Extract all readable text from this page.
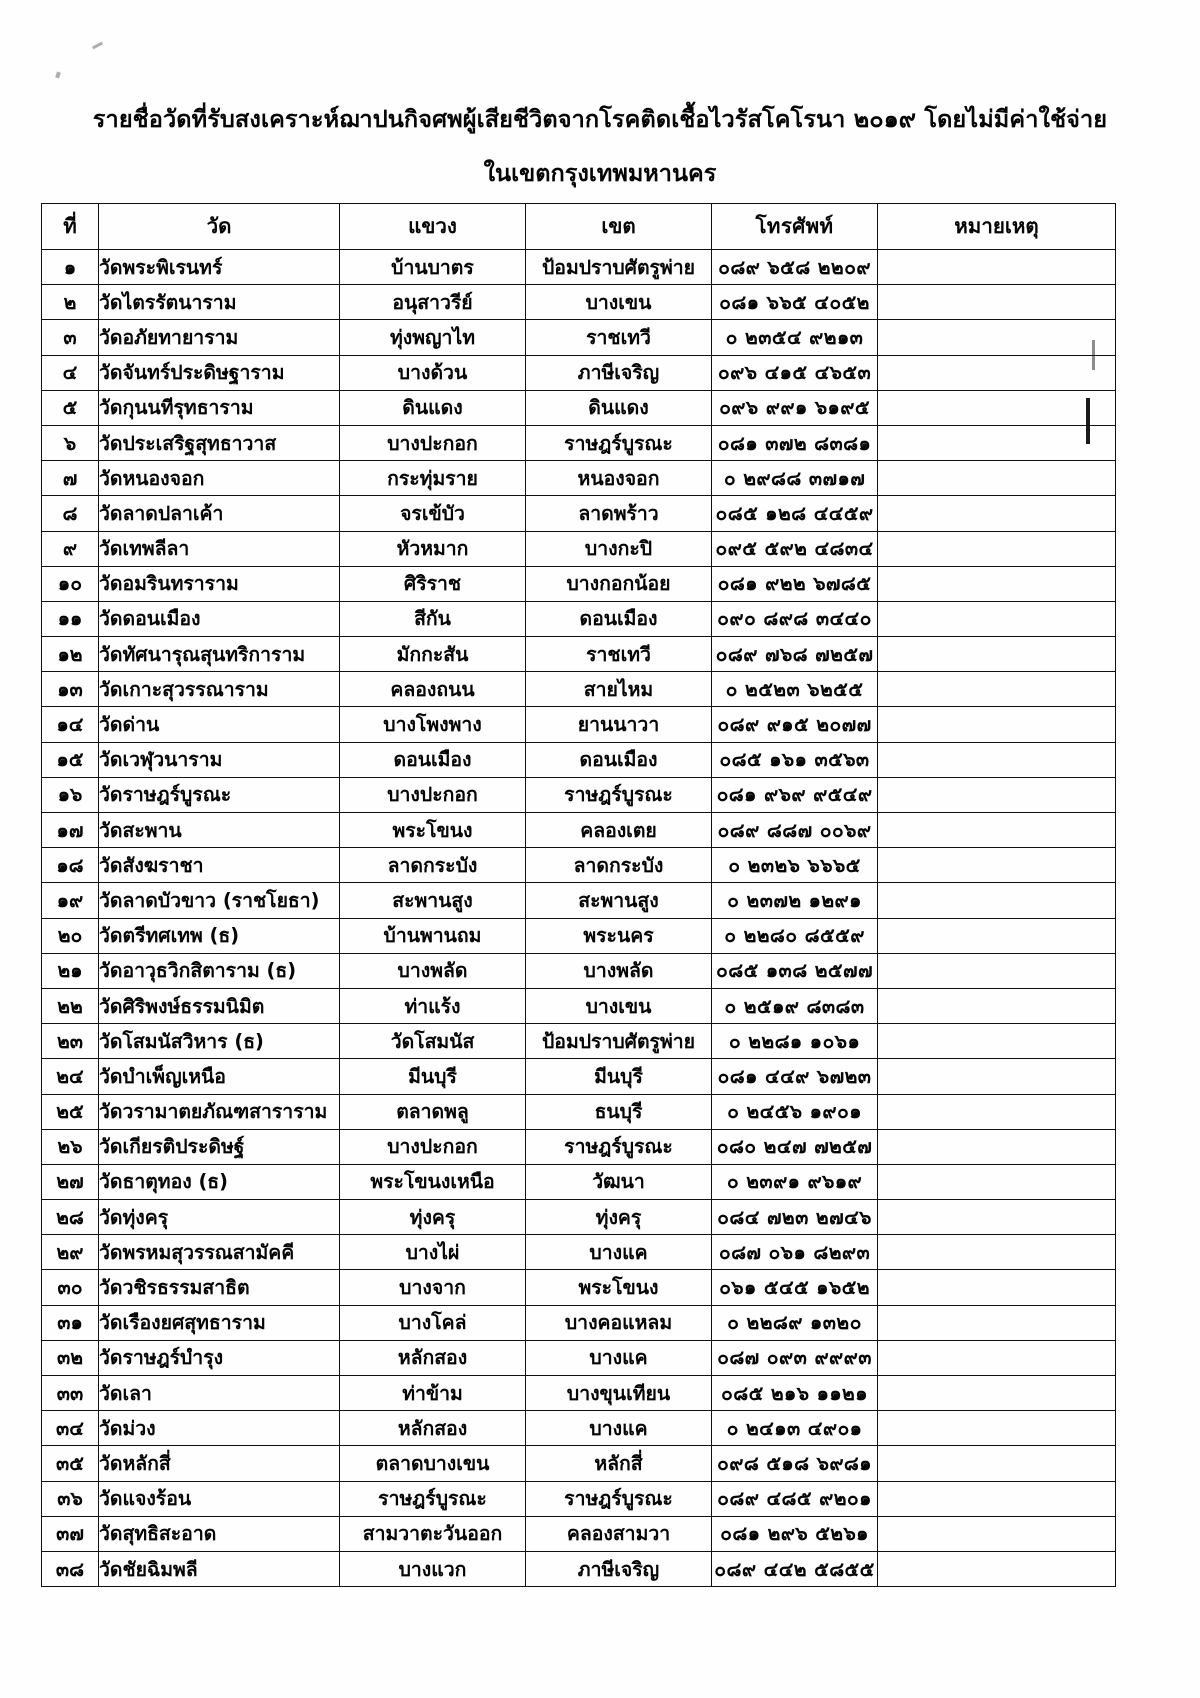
รายชื่อวัดที่รับสงเคราะห์ฌาปนกิจศพผู้เสียชีวิตจากโรคติดเชื้อไวรัสโคโรนา ๒๐๑๙ โดยไม่มีค่าใช้จ่าย
ในเขตกรุงเทพมหานคร
ที่	วัด	แขวง	เขต	โทรศัพท์	หมายเหตุ
๑	วัดพระพิเรนทร์	บ้านบาตร	ป้อมปราบศัตรูพ่าย	๐๘๙ ๖๕๘ ๒๒๐๙	
๒	วัดไตรรัตนาราม	อนุสาวรีย์	บางเขน	๐๘๑ ๖๖๕ ๔๐๕๒	
๓	วัดอภัยทายาราม	ทุ่งพญาไท	ราชเทวี	๐ ๒๓๕๔ ๙๒๑๓	
๔	วัดจันทร์ประดิษฐาราม	บางด้วน	ภาษีเจริญ	๐๙๖ ๔๑๕ ๔๖๕๓	
๕	วัดกุนนทีรุทธาราม	ดินแดง	ดินแดง	๐๙๖ ๙๙๑ ๖๑๙๕	
๖	วัดประเสริฐสุทธาวาส	บางปะกอก	ราษฎร์บูรณะ	๐๘๑ ๓๗๒ ๘๓๘๑	
๗	วัดหนองจอก	กระทุ่มราย	หนองจอก	๐ ๒๙๘๘ ๓๗๑๗	
๘	วัดลาดปลาเค้า	จรเข้บัว	ลาดพร้าว	๐๘๕ ๑๒๘ ๔๔๕๙	
๙	วัดเทพลีลา	หัวหมาก	บางกะปิ	๐๙๕ ๕๙๒ ๔๘๓๔	
๑๐	วัดอมรินทราราม	ศิริราช	บางกอกน้อย	๐๘๑ ๙๒๒ ๖๗๘๕	
๑๑	วัดดอนเมือง	สีกัน	ดอนเมือง	๐๙๐ ๘๙๘ ๓๔๔๐	
๑๒	วัดทัศนารุณสุนทริการาม	มักกะสัน	ราชเทวี	๐๘๙ ๗๖๘ ๗๒๕๗	
๑๓	วัดเกาะสุวรรณาราม	คลองถนน	สายไหม	๐ ๒๕๒๓ ๖๒๕๕	
๑๔	วัดด่าน	บางโพงพาง	ยานนาวา	๐๘๙ ๙๑๕ ๒๐๗๗	
๑๕	วัดเวฬุวนาราม	ดอนเมือง	ดอนเมือง	๐๘๕ ๑๖๑ ๓๕๖๓	
๑๖	วัดราษฎร์บูรณะ	บางปะกอก	ราษฎร์บูรณะ	๐๘๑ ๙๖๙ ๙๕๔๙	
๑๗	วัดสะพาน	พระโขนง	คลองเตย	๐๘๙ ๘๘๗ ๐๐๖๙	
๑๘	วัดสังฆราชา	ลาดกระบัง	ลาดกระบัง	๐ ๒๓๒๖ ๖๖๖๕	
๑๙	วัดลาดบัวขาว (ราชโยธา)	สะพานสูง	สะพานสูง	๐ ๒๓๗๒ ๑๒๙๑	
๒๐	วัดตรีทศเทพ (ธ)	บ้านพานถม	พระนคร	๐ ๒๒๘๐ ๘๕๕๙	
๒๑	วัดอาวุธวิกสิตาราม (ธ)	บางพลัด	บางพลัด	๐๘๕ ๑๓๘ ๒๕๗๗	
๒๒	วัดศิริพงษ์ธรรมนิมิต	ท่าแร้ง	บางเขน	๐ ๒๕๑๙ ๘๓๘๓	
๒๓	วัดโสมนัสวิหาร (ธ)	วัดโสมนัส	ป้อมปราบศัตรูพ่าย	๐ ๒๒๘๑ ๑๐๖๑	
๒๔	วัดบำเพ็ญเหนือ	มีนบุรี	มีนบุรี	๐๘๑ ๔๔๙ ๖๗๒๓	
๒๕	วัดวรามาตยภัณฑสาราราม	ตลาดพลู	ธนบุรี	๐ ๒๔๕๖ ๑๙๐๑	
๒๖	วัดเกียรติประดิษฐ์	บางปะกอก	ราษฎร์บูรณะ	๐๘๐ ๒๔๗ ๗๒๕๗	
๒๗	วัดธาตุทอง (ธ)	พระโขนงเหนือ	วัฒนา	๐ ๒๓๙๑ ๙๖๑๙	
๒๘	วัดทุ่งครุ	ทุ่งครุ	ทุ่งครุ	๐๘๔ ๗๒๓ ๒๗๔๖	
๒๙	วัดพรหมสุวรรณสามัคคี	บางไผ่	บางแค	๐๘๗ ๐๖๑ ๘๒๙๓	
๓๐	วัดวชิรธรรมสาธิต	บางจาก	พระโขนง	๐๖๑ ๕๔๕ ๑๖๕๒	
๓๑	วัดเรืองยศสุทธาราม	บางโคล่	บางคอแหลม	๐ ๒๒๘๙ ๑๓๒๐	
๓๒	วัดราษฎร์บำรุง	หลักสอง	บางแค	๐๘๗ ๐๙๓ ๙๙๙๓	
๓๓	วัดเลา	ท่าข้าม	บางขุนเทียน	๐๘๕ ๒๑๖ ๑๑๒๑	
๓๔	วัดม่วง	หลักสอง	บางแค	๐ ๒๔๑๓ ๔๙๐๑	
๓๕	วัดหลักสี่	ตลาดบางเขน	หลักสี่	๐๙๘ ๕๑๘ ๖๙๘๑	
๓๖	วัดแจงร้อน	ราษฎร์บูรณะ	ราษฎร์บูรณะ	๐๘๙ ๔๘๕ ๙๒๐๑	
๓๗	วัดสุทธิสะอาด	สามวาตะวันออก	คลองสามวา	๐๘๑ ๒๙๖ ๕๒๖๑	
๓๘	วัดชัยฉิมพลี	บางแวก	ภาษีเจริญ	๐๘๙ ๔๔๒ ๕๘๕๕	
